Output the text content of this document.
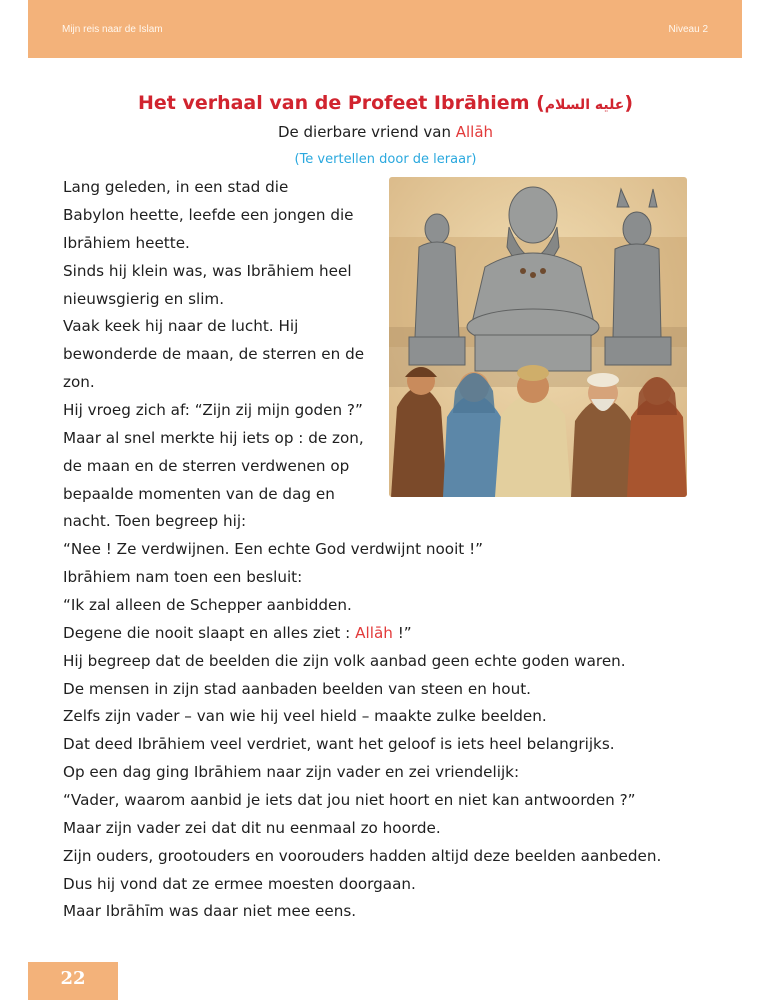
Mijn reis naar de Islam	Niveau 2
Het verhaal van de Profeet Ibrāhiem (عليه السلام)
De dierbare vriend van Allāh
(Te vertellen door de leraar)
Lang geleden, in een stad die
Babylon heette, leefde een jongen die
Ibrāhiem heette.
Sinds hij klein was, was Ibrāhiem heel
nieuwsgierig en slim.
Vaak keek hij naar de lucht. Hij
bewonderde de maan, de sterren en de
zon.
Hij vroeg zich af: “Zijn zij mijn goden ?”
Maar al snel merkte hij iets op : de zon,
de maan en de sterren verdwenen op
bepaalde momenten van de dag en
nacht. Toen begreep hij:
“Nee ! Ze verdwijnen. Een echte God verdwijnt nooit !”
Ibrāhiem nam toen een besluit:
“Ik zal alleen de Schepper aanbidden.
Degene die nooit slaapt en alles ziet : Allāh !”
Hij begreep dat de beelden die zijn volk aanbad geen echte goden waren.
De mensen in zijn stad aanbaden beelden van steen en hout.
Zelfs zijn vader – van wie hij veel hield – maakte zulke beelden.
Dat deed Ibrāhiem veel verdriet, want het geloof is iets heel belangrijks.
Op een dag ging Ibrāhiem naar zijn vader en zei vriendelijk:
“Vader, waarom aanbid je iets dat jou niet hoort en niet kan antwoorden ?”
Maar zijn vader zei dat dit nu eenmaal zo hoorde.
Zijn ouders, grootouders en voorouders hadden altijd deze beelden aanbeden.
Dus hij vond dat ze ermee moesten doorgaan.
Maar Ibrāhīm was daar niet mee eens.
22
